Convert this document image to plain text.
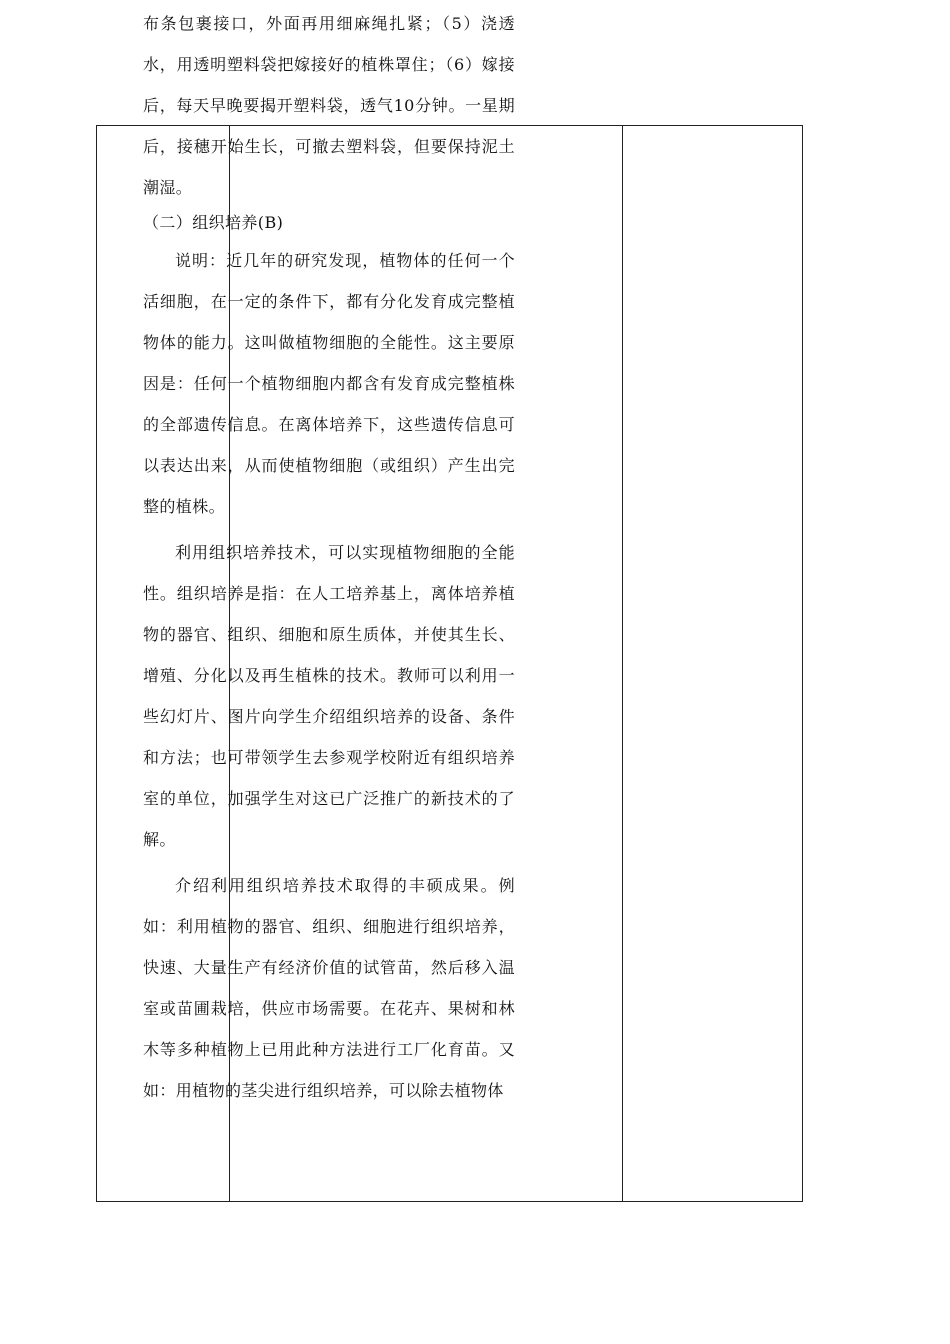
布条包裹接口，外面再用细麻绳扎紧；（5）浇透水，用透明塑料袋把嫁接好的植株罩住；（6）嫁接后，每天早晚要揭开塑料袋，透气10分钟。一星期后，接穗开始生长，可撤去塑料袋，但要保持泥土潮湿。

（二）组织培养(B)

说明：近几年的研究发现，植物体的任何一个活细胞，在一定的条件下，都有分化发育成完整植物体的能力。这叫做植物细胞的全能性。这主要原因是：任何一个植物细胞内都含有发育成完整植株的全部遗传信息。在离体培养下，这些遗传信息可以表达出来，从而使植物细胞（或组织）产生出完整的植株。

利用组织培养技术，可以实现植物细胞的全能性。组织培养是指：在人工培养基上，离体培养植物的器官、组织、细胞和原生质体，并使其生长、增殖、分化以及再生植株的技术。教师可以利用一些幻灯片、图片向学生介绍组织培养的设备、条件和方法；也可带领学生去参观学校附近有组织培养室的单位，加强学生对这已广泛推广的新技术的了解。

介绍利用组织培养技术取得的丰硕成果。例如：利用植物的器官、组织、细胞进行组织培养，快速、大量生产有经济价值的试管苗，然后移入温室或苗圃栽培，供应市场需要。在花卉、果树和林木等多种植物上已用此种方法进行工厂化育苗。又如：用植物的茎尖进行组织培养，可以除去植物体
